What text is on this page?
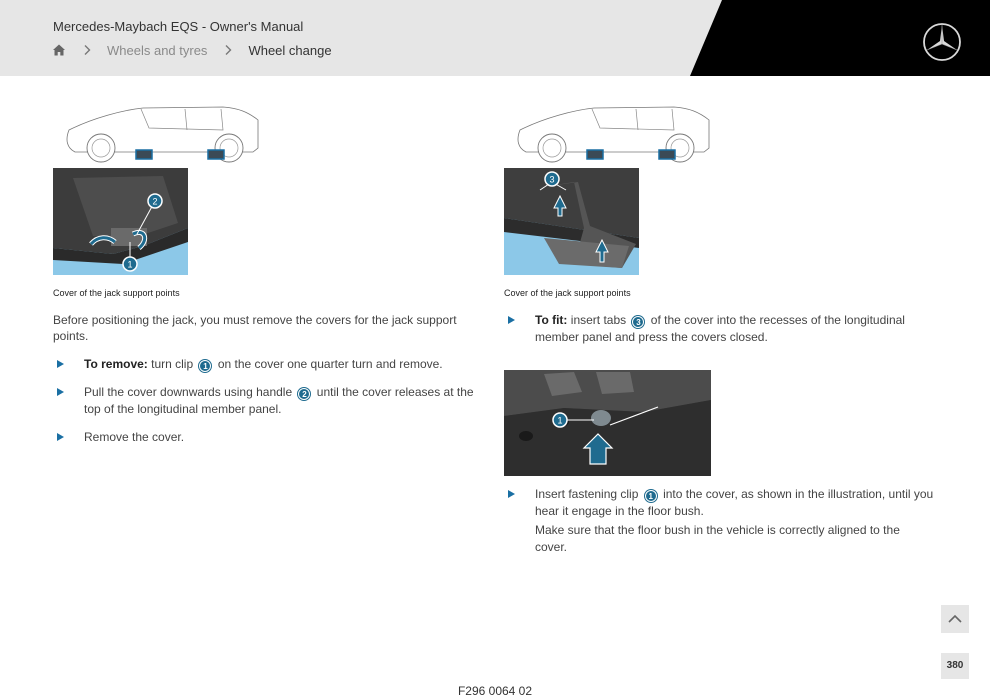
Mercedes-Maybach EQS - Owner's Manual
Wheels and tyres	Wheel change
2
1
Cover of the jack support points

Before positioning the jack, you must remove the covers for the jack support points.

To remove: turn clip 1 on the cover one quarter turn and remove.
Pull the cover downwards using handle 2 until the cover releases at the top of the longitudinal member panel.
Remove the cover.
3
Cover of the jack support points
To fit: insert tabs 3 of the cover into the recesses of the longitudinal member panel and press the covers closed.
1
Insert fastening clip 1 into the cover, as shown in the illustration, until you hear it engage in the floor bush.
Make sure that the floor bush in the vehicle is correctly aligned to the cover.
380
F296 0064 02
